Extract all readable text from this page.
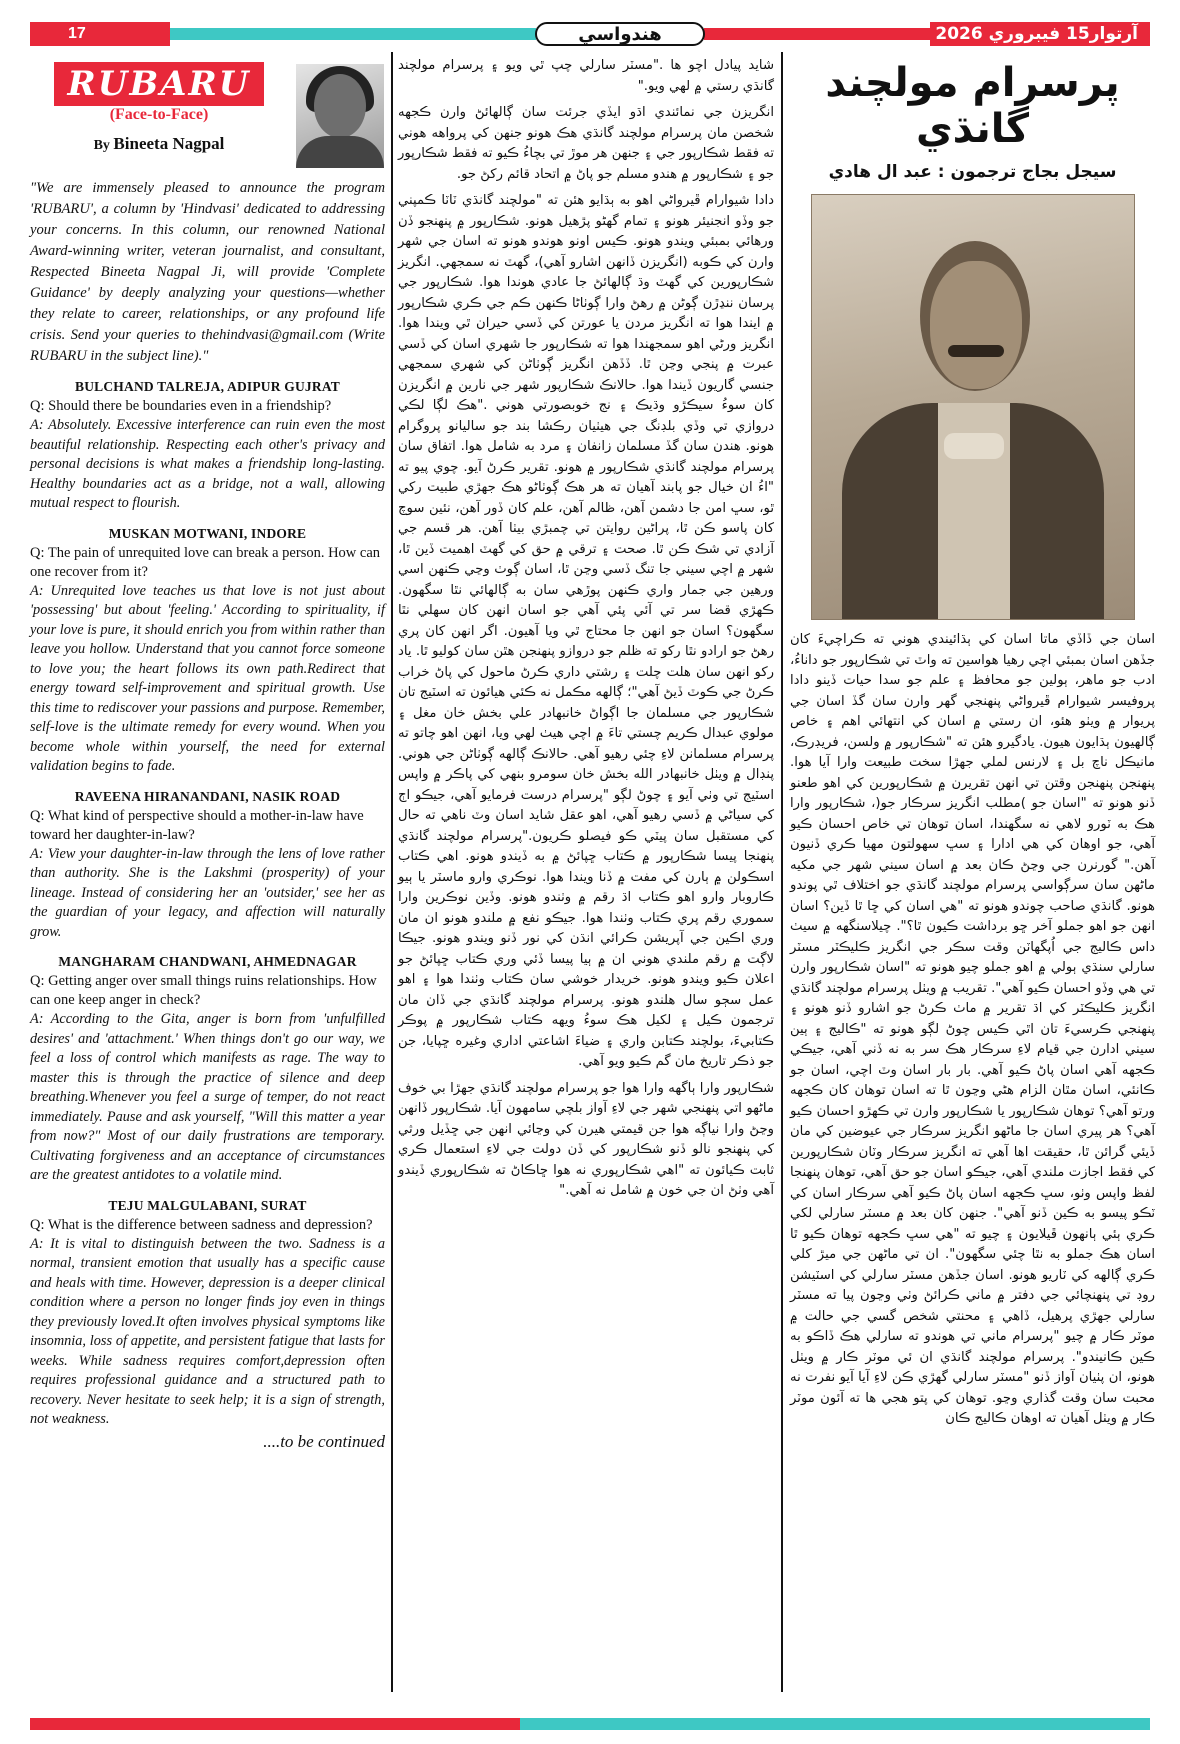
17	هندواسي	آرتوار15 فيبروري 2026
RUBARU
(Face-to-Face)
By Bineeta Nagpal

"We are immensely pleased to announce the program 'RUBARU', a column by 'Hindvasi' dedicated to addressing your concerns. In this column, our renowned National Award-winning writer, veteran journalist, and consultant, Respected Bineeta Nagpal Ji, will provide 'Complete Guidance' by deeply analyzing your questions—whether they relate to career, relationships, or any profound life crisis. Send your queries to thehindvasi@gmail.com (Write RUBARU in the subject line)."

BULCHAND TALREJA, ADIPUR GUJRAT

Q: Should there be boundaries even in a friendship?

A: Absolutely. Excessive interference can ruin even the most beautiful relationship. Respecting each other's privacy and personal decisions is what makes a friendship long-lasting. Healthy boundaries act as a bridge, not a wall, allowing mutual respect to flourish.

MUSKAN MOTWANI, INDORE

Q: The pain of unrequited love can break a person. How can one recover from it?

A: Unrequited love teaches us that love is not just about 'possessing' but about 'feeling.' According to spirituality, if your love is pure, it should enrich you from within rather than leave you hollow. Understand that you cannot force someone to love you; the heart follows its own path.Redirect that energy toward self-improvement and spiritual growth. Use this time to rediscover your passions and purpose. Remember, self-love is the ultimate remedy for every wound. When you become whole within yourself, the need for external validation begins to fade.

RAVEENA HIRANANDANI, NASIK ROAD

Q: What kind of perspective should a mother-in-law have toward her daughter-in-law?

A: View your daughter-in-law through the lens of love rather than authority. She is the Lakshmi (prosperity) of your lineage. Instead of considering her an 'outsider,' see her as the guardian of your legacy, and affection will naturally grow.

MANGHARAM CHANDWANI, AHMEDNAGAR

Q: Getting anger over small things ruins relationships. How can one keep anger in check?

A: According to the Gita, anger is born from 'unfulfilled desires' and 'attachment.' When things don't go our way, we feel a loss of control which manifests as rage. The way to master this is through the practice of silence and deep breathing.Whenever you feel a surge of temper, do not react immediately. Pause and ask yourself, "Will this matter a year from now?" Most of our daily frustrations are temporary. Cultivating forgiveness and an acceptance of circumstances are the greatest antidotes to a volatile mind.

TEJU MALGULABANI, SURAT

Q: What is the difference between sadness and depression?

A: It is vital to distinguish between the two. Sadness is a normal, transient emotion that usually has a specific cause and heals with time. However, depression is a deeper clinical condition where a person no longer finds joy even in things they previously loved.It often involves physical symptoms like insomnia, loss of appetite, and persistent fatigue that lasts for weeks. While sadness requires comfort,depression often requires professional guidance and a structured path to recovery. Never hesitate to seek help; it is a sign of strength, not weakness.

....to be continued

شايد پيادل اچو ها ."مسٽر سارلي چپ ٿي ويو ۽ پرسرام مولچند گانڌي رستي ۾ لهي ويو."

انگريزن جي نمائندي اڌو ايڏي جرئت سان ڳالهائڻ وارن ڪجهه شخصن مان پرسرام مولچند گانڌي هڪ هونو جنهن کي پرواهه هوني ته فقط شڪارپور جي ۽ جنهن هر موڙ تي بچاءُ ڪيو ته فقط شڪارپور جو ۽ شڪارپور ۾ هندو مسلم جو پاڻ ۾ اتحاد قائم رکڻ جو.

دادا شيوارام ڦيرواڻي اهو به ٻڌايو هئن ته "مولچند گانڌي ٽاٽا ڪمپني جو وڏو انجنيئر هونو ۽ تمام گهڻو پڙهيل هونو. شڪارپور ۾ پنهنجو ڏن ورهائي بمبئي ويندو هونو. ڪيس اونو هوندو هونو ته اسان جي شهر وارن کي ڪوبه (انگريزن ڏانهن اشارو آهي)، گهٽ نه سمجهي. انگريز شڪارپورين کي گهٽ وڌ ڳالهائڻ جا عادي هوندا هوا. شڪارپور جي پرسان ننڍڙن ڳوڻن ۾ رهڻ وارا ڳوٺاڻا ڪنهن ڪم جي ڪري شڪارپور ۾ ايندا هوا ته انگريز مردن يا عورتن کي ڏسي حيران ٿي ويندا هوا. انگريز ورڻي اهو سمجهندا هوا ته شڪارپور جا شهري اسان کي ڏسي عبرت ۾ پنجي وڃن ٿا. ڏڏهن انگريز ڳوٺاڻن کي شهري سمجهي جنسي گاريون ڏيندا هوا. حالانڪ شڪارپور شهر جي نارين ۾ انگريزن کان سوءُ سيڪڙو وڌيڪ ۽ نج خوبصورتي هوني ."هڪ لڳا لڪي دروازي تي وڏي بلڊنگ جي هيٺيان رڪشا بند جو ساليانو پروگرام هونو. هندن سان گڏ مسلمان زانفان ۽ مرد به شامل هوا. اتفاق سان پرسرام مولچند گانڌي شڪارپور ۾ هونو. تقرير ڪرڻ آيو. چوي پيو ته "اءُ ان خيال جو پابند آهيان ته هر هڪ ڳوٺاڻو هڪ جهڙي طبيت رکي ٿو، سڀ امن جا دشمن آهن، ظالم آهن، علم کان ڏور آهن، نئين سوچ کان پاسو ڪن ٿا، پراڻين روايتن تي چمبڙي بيٺا آهن. هر قسم جي آزادي تي شڪ ڪن ٿا. صحت ۽ ترقي ۾ حق کي گهٽ اهميت ڏين ٿا، شهر ۾ اچي سيني جا تنگ ڏسي وڃن ٿا، اسان ڳوٺ وڃي ڪنهن اسي ورهين جي جمار واري ڪنهن پوڙهي سان به ڳالهائي نٿا سگهون. ڪهڙي قضا سر تي آئي پئي آهي جو اسان انهن کان سهلي نٿا سگهون؟ اسان جو انهن جا محتاج ٿي ويا آهيون. اگر انهن کان پري رهڻ جو ارادو نٿا رکو ته ظلم جو دروازو پنهنجن هٿن سان کوليو ٿا. ياد رکو انهن سان هلت چلت ۽ رشتي داري ڪرڻ ماحول کي پاڻ خراب ڪرڻ جي ڪوٽ ڏيڻ آهي"؛ ڳالهه مڪمل نه ڪئي هيائون ته اسٽيج تان شڪارپور جي مسلمان جا اڳواڻ خانبهادر علي بخش خان مغل ۽ مولوي عبدال ڪريم چستي تاءَ ۾ اچي هيٺ لهي ويا، انهن اهو چاتو ته پرسرام مسلمانن لاءِ چئي رهيو آهي. حالانڪ ڳالهه ڳوٺاڻن جي هوني. پنڊال ۾ ويٺل خانبهادر الله بخش خان سومرو بنهي کي پاڪر ۾ واپس اسٽيج تي وٺي آيو ۽ چوڻ لڳو "پرسرام درست فرمايو آهي، جيڪو اڄ کي سياڻي ۾ ڏسي رهيو آهي، اهو عقل شايد اسان وٽ ناهي ته حال کي مستقبل سان پيٽي ڪو فيصلو ڪريون."پرسرام مولچند گانڌي پنهنجا پيسا شڪارپور ۾ ڪتاب ڇپائڻ ۾ به ڏيندو هونو. اهي ڪتاب اسڪولن ۾ ٻارن کي مفت ۾ ڏنا ويندا هوا. نوڪري وارو ماسٽر يا ٻيو ڪاروبار وارو اهو ڪتاب اڌ رقم ۾ وٺندو هونو. وڏين نوڪرين وارا سموري رقم پري ڪتاب وٺندا هوا. جيڪو نفع ۾ ملندو هونو ان مان وري اڪين جي آپريشن ڪرائي انڌن کي نور ڏنو ويندو هونو. جيڪا لاڳت ۾ رقم ملندي هوني ان ۾ ٻيا پيسا ڏئي وري ڪتاب ڇپائڻ جو اعلان ڪيو ويندو هونو. خريدار خوشي سان ڪتاب وٺندا هوا ۽ اهو عمل سڄو سال هلندو هونو. پرسرام مولچند گانڌي جي ڏان مان ترجمون ڪيل ۽ لکيل هڪ سوءُ ويهه ڪتاب شڪارپور ۾ پوڪر ڪتابيءَ، بولچند ڪتابن واري ۽ ضياءَ اشاعتي اداري وغيره ڇپايا، جن جو ذڪر تاريخ مان گم ڪيو ويو آهي.

شڪارپور وارا ٻاگهه وارا هوا جو پرسرام مولچند گانڌي جهڙا بي خوف ماڻهو اتي پنهنجي شهر جي لاءِ آواز بلچي سامهون آيا. شڪارپور ڏانهن وڃڻ وارا نياڳه هوا جن قيمتي هيرن کي وڃائي انهن جي ڇڏيل ورثي کي پنهنجو نالو ڏنو شڪارپور کي ڏن دولت جي لاءِ استعمال ڪري ثابت ڪيائون ته "اهي شڪارپوري نه هوا ڇاڪاڻ ته شڪارپوري ڏيندو آهي وٺڻ ان جي خون ۾ شامل نه آهي."

پرسرام مولچند گانڌي
سيجل بجاج ترجمون : عبد ال هادي

اسان جي ڏاڏي ماتا اسان کي ٻڌائيندي هوني ته ڪراچيءَ کان جڏهن اسان بمبئي اچي رهيا هواسين ته واٽ تي شڪارپور جو داناءُ، ادب جو ماهر، ٻولين جو محافظ ۽ علم جو سدا حيات ڏينو دادا پروفيسر شيوارام ڦيرواڻي پنهنجي گهر وارن سان گڏ اسان جي پريوار ۾ ويٺو هئو، ان رستي ۾ اسان کي انتهائي اهم ۽ خاص ڳالهيون ٻڌايون هيون. يادگيرو هئن ته "شڪارپور ۾ ولسن، فريڊرڪ، مانيڪل ناچ بل ۽ لارنس لملي جهڙا سخت طبيعت وارا آيا هوا. پنهنجن پنهنجن وقتن تي انهن تقريرن ۾ شڪارپورين کي اهو طعنو ڏنو هونو ته "اسان جو )مطلب انگريز سرڪار جو(، شڪارپور وارا ھڪ به ٽورو لاهي نه سگهندا، اسان توهان تي خاص احسان ڪيو آهي، جو اوهان کي هي ادارا ۽ سڀ سهولتون مهيا ڪري ڏنيون آهن." گورنرن جي وڃڻ ڪان بعد ۾ اسان سيني شهر جي مکيه ماڻهن سان سرڳواسي پرسرام مولچند گانڌي جو اختلاف ٿي پوندو هونو. گانڌي صاحب چوندو هونو ته "هي اسان کي ڇا ٿا ڏين؟ اسان انهن جو اهو جملو آخر ڇو برداشت ڪيون ٿا؟". چيلاسنگهه ۾ سيٺ داس ڪاليج جي اُپگهاٽن وقت سڪر جي انگريز ڪليڪٽر مسٽر سارلي سنڌي ٻولي ۾ اهو جملو چيو هونو ته "اسان شڪارپور وارن تي هي وڏو احسان ڪيو آهي". تقريب ۾ ويٺل پرسرام مولچند گانڌي انگريز ڪليڪٽر کي اڌ تقرير ۾ ماٺ ڪرڻ جو اشارو ڏنو هونو ۽ پنهنجي ڪرسيءَ تان اٿي ڪيس چوڻ لڳو هونو ته "ڪاليج ۽ ٻين سيني ادارن جي قيام لاءِ سرڪار هڪ سر به نه ڏني آهي، جيڪي ڪجهه آهي اسان پاڻ ڪيو آهي. بار بار اسان وٽ اچي، اسان جو ڪانئي، اسان مٿان الزام هڻي وڃون ٿا ته اسان توهان کان ڪجهه ورتو آهي؟ توهان شڪارپور يا شڪارپور وارن تي ڪهڙو احسان ڪيو آهي؟ هر پيري اسان جا ماڻهو انگريز سرڪار جي عيوضين کي مان ڏيئي گرائن ٿا، حقيقت اها آهي ته انگريز سرڪار وٽان شڪارپورين کي فقط اجازت ملندي آهي، جيڪو اسان جو حق آهي، توهان پنهنجا لفظ واپس وٺو، سڀ ڪجهه اسان پاڻ ڪيو آهي سرڪار اسان کي ٽڪو پيسو به ڪين ڏنو آهي". جنهن کان بعد ۾ مسٽر سارلي لکي ڪري ٻئي ٻانهون ڦيلايون ۽ چيو ته "هي سڀ ڪجهه توهان ڪيو ٿا اسان هڪ جملو به نٿا چئي سگهون". ان تي ماڻهن جي ميڙ کلي ڪري ڳالهه کي ٽاريو هونو. اسان جڏهن مسٽر سارلي کي اسٽيشن روڊ تي پنهنچائي جي دفتر ۾ ماني ڪرائڻ وٺي وڃون پيا ته مسٽر سارلي جهڙي پرهيل، ڏاهي ۽ محنتي شخص گسي جي حالت ۾ موٽر ڪار ۾ چيو "پرسرام ماني تي هوندو ته سارلي هڪ ڏاڪو به ڪين ڪانيندو". پرسرام مولچند گانڌي ان ئي موٽر ڪار ۾ ويٺل هونو، ان پٺيان آواز ڏنو "مسٽر سارلي گهڙي ڪن لاءِ آيا آيو نفرت نه محبت سان وقت گذاري وڃو. توهان کي پتو هجي ها ته آئون موٽر ڪار ۾ ويٺل آهيان ته اوهان ڪاليج ڪان
